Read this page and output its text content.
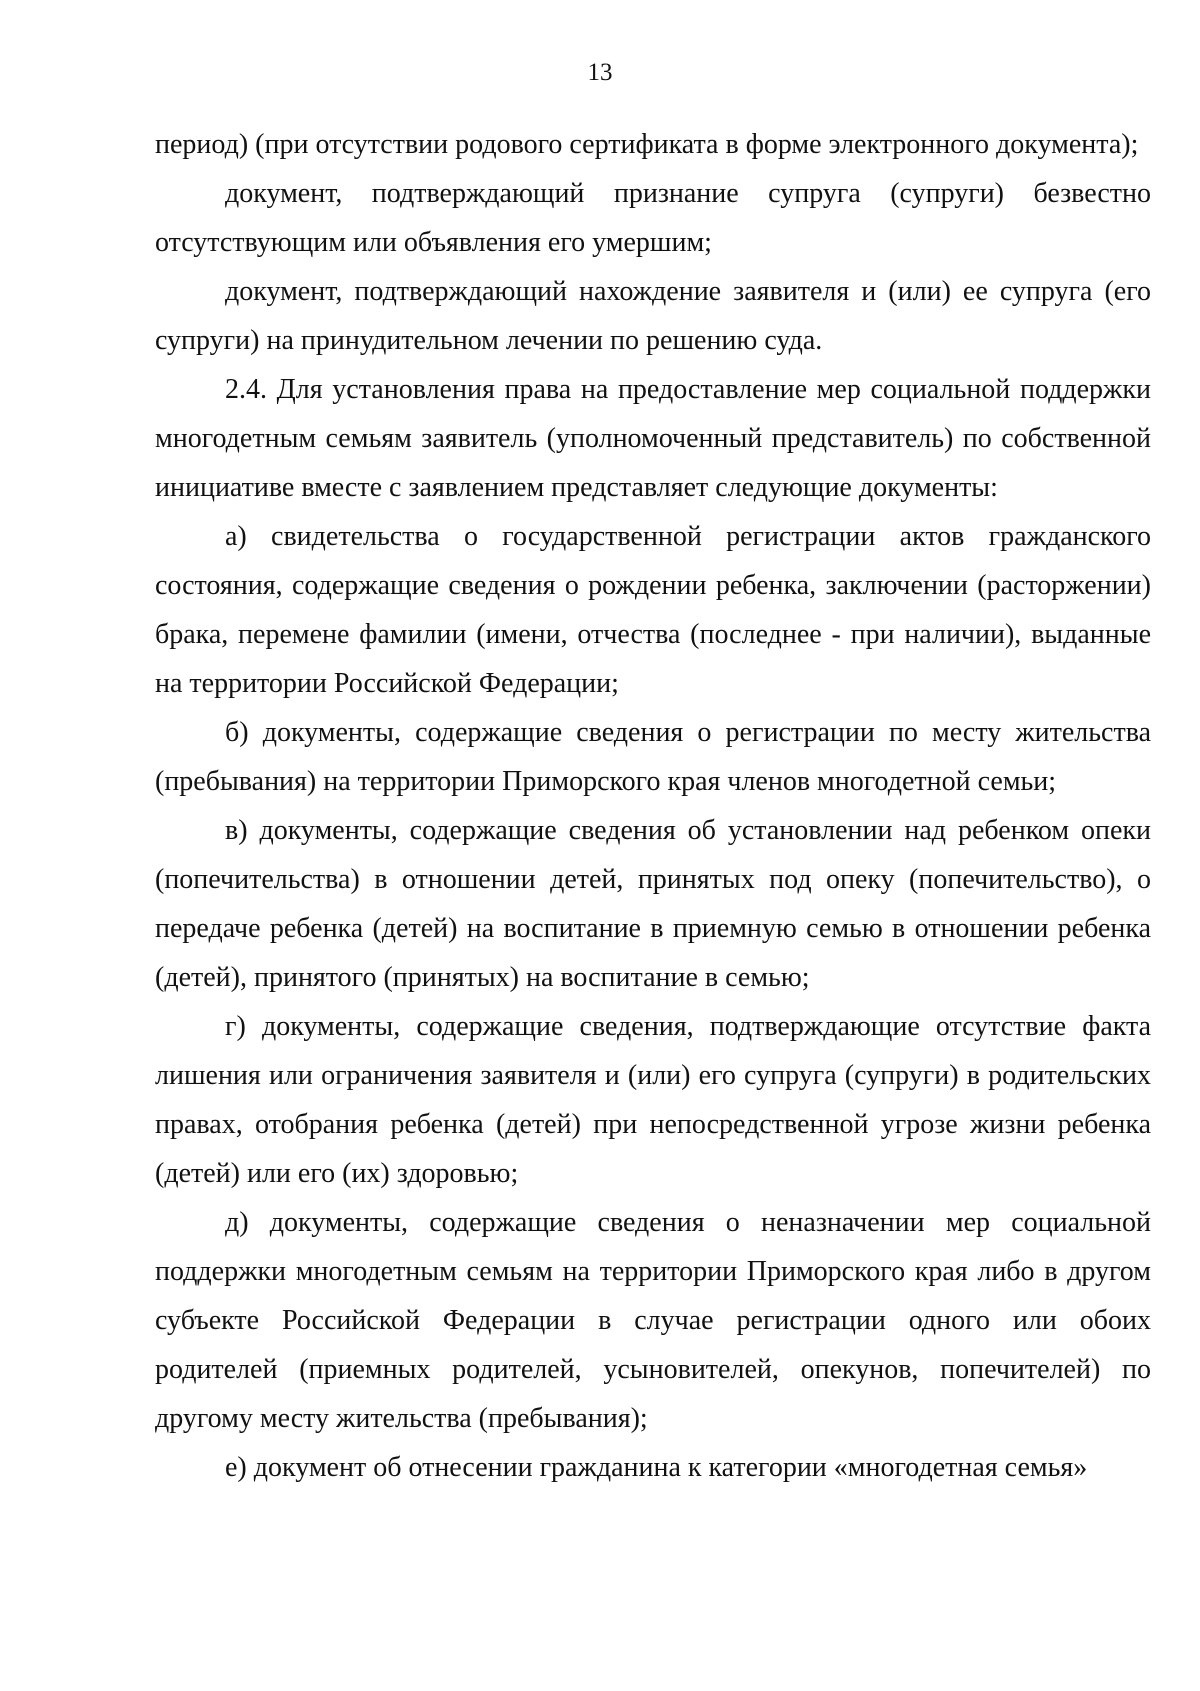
13

период) (при отсутствии родового сертификата в форме электронного документа);

документ, подтверждающий признание супруга (супруги) безвестно отсутствующим или объявления его умершим;

документ, подтверждающий нахождение заявителя и (или) ее супруга (его супруги) на принудительном лечении по решению суда.

2.4. Для установления права на предоставление мер социальной поддержки многодетным семьям заявитель (уполномоченный представитель) по собственной инициативе вместе с заявлением представляет следующие документы:

а) свидетельства о государственной регистрации актов гражданского состояния, содержащие сведения о рождении ребенка, заключении (расторжении) брака, перемене фамилии (имени, отчества (последнее - при наличии), выданные на территории Российской Федерации;

б) документы, содержащие сведения о регистрации по месту жительства (пребывания) на территории Приморского края членов многодетной семьи;

в) документы, содержащие сведения об установлении над ребенком опеки (попечительства) в отношении детей, принятых под опеку (попечительство), о передаче ребенка (детей) на воспитание в приемную семью в отношении ребенка (детей), принятого (принятых) на воспитание в семью;

г) документы, содержащие сведения, подтверждающие отсутствие факта лишения или ограничения заявителя и (или) его супруга (супруги) в родительских правах, отобрания ребенка (детей) при непосредственной угрозе жизни ребенка (детей) или его (их) здоровью;

д) документы, содержащие сведения о неназначении мер социальной поддержки многодетным семьям на территории Приморского края либо в другом субъекте Российской Федерации в случае регистрации одного или обоих родителей (приемных родителей, усыновителей, опекунов, попечителей) по другому месту жительства (пребывания);

е) документ об отнесении гражданина к категории «многодетная семья»
